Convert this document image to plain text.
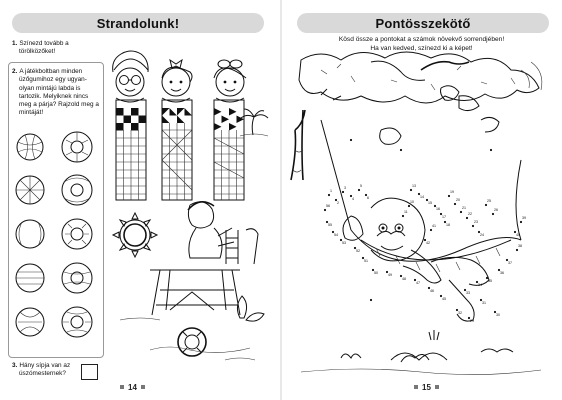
Strandolunk!
1. Színezd tovább a
törölközőket!
2. A játékboltban minden
üzőgumihoz egy ugyan-
olyan mintájú labda is
tartozik. Melyiknek nincs
meg a párja? Rajzold meg a
mintáját!
3. Hány sípja van az
úszómesternek?
14
Pontösszekötő
Kösd össze a pontokat a számok növekvő sorrendjében!
Ha van kedved, színezd ki a képet!
15
1
2
3
4
5
6
13
14
15
16
17
18
19
20
21
22
23
24
25
26
38
37
36
35
34
33
31
30
29
32
45
46
47
48
49
50
51
52
53
54
55
56
10
11
41
42
39
40
